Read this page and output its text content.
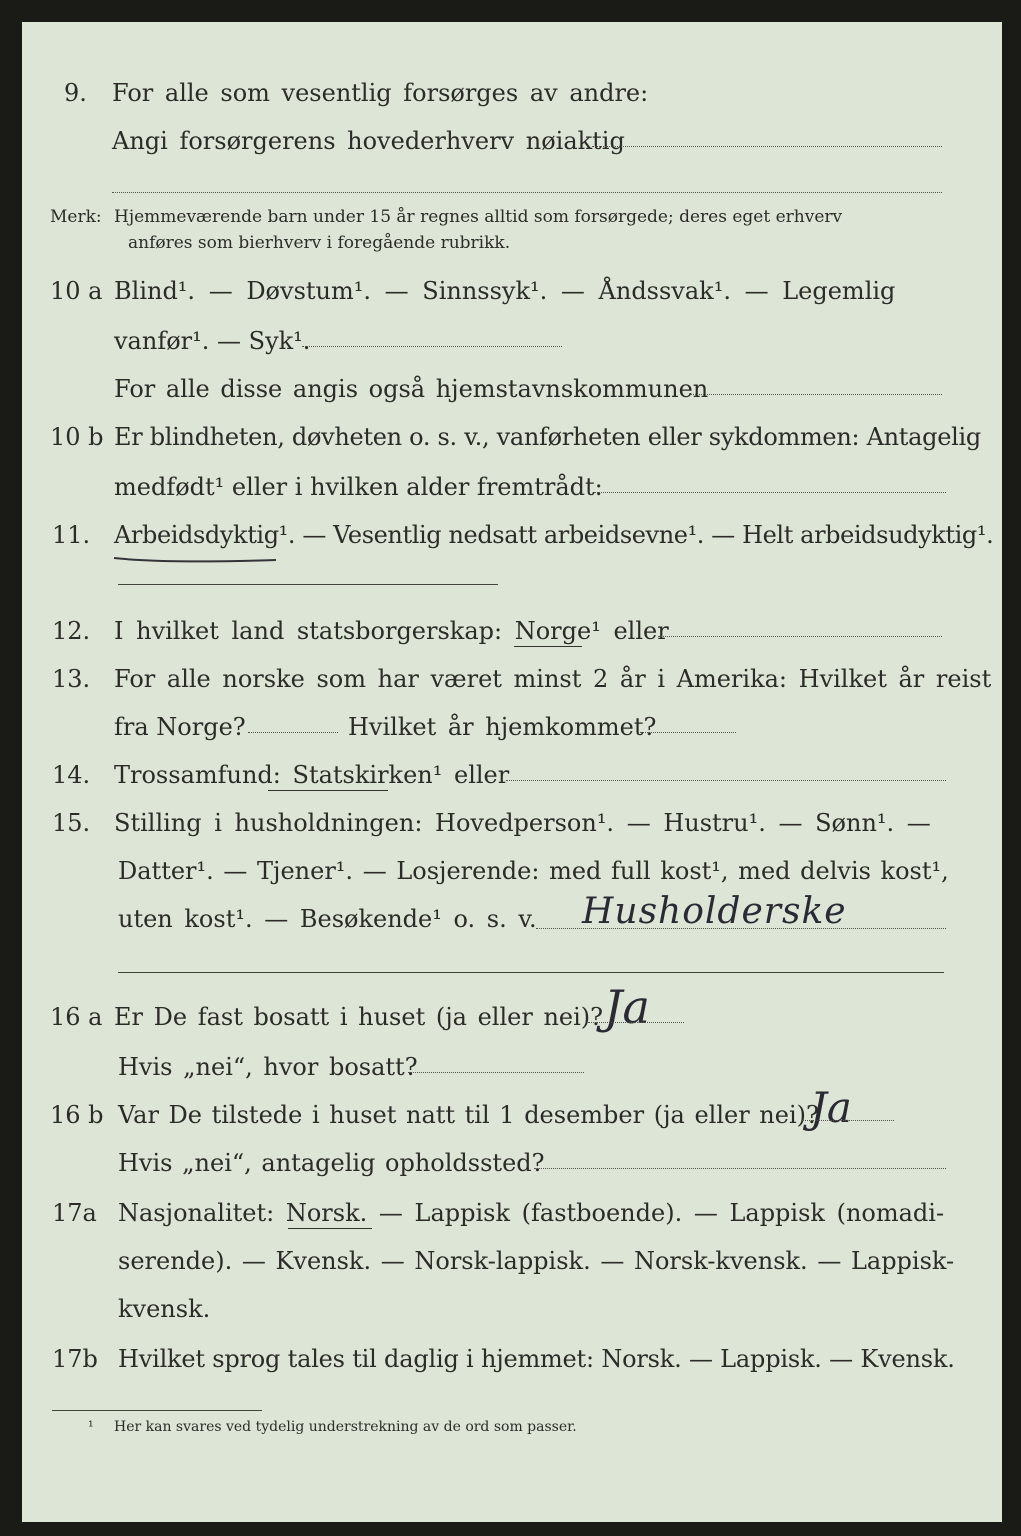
9. For alle som vesentlig forsørges av andre:
Angi forsørgerens hovederhverv nøiaktig
Merk: Hjemmeværende barn under 15 år regnes alltid som forsørgede; deres eget erhverv
anføres som bierhverv i foregående rubrikk.
10 a Blind¹. — Døvstum¹. — Sinnssyk¹. — Åndssvak¹. — Legemlig
vanfør¹. — Syk¹.
For alle disse angis også hjemstavnskommunen
10 b Er blindheten, døvheten o. s. v., vanførheten eller sykdommen: Antagelig
medfødt¹ eller i hvilken alder fremtrådt:
11. Arbeidsdyktig¹. — Vesentlig nedsatt arbeidsevne¹. — Helt arbeidsudyktig¹.
12. I hvilket land statsborgerskap: Norge¹ eller
13. For alle norske som har været minst 2 år i Amerika: Hvilket år reist
fra Norge?	Hvilket år hjemkommet?
14. Trossamfund: Statskirken¹ eller
15. Stilling i husholdningen: Hovedperson¹. — Hustru¹. — Sønn¹. —
Datter¹. — Tjener¹. — Losjerende: med full kost¹, med delvis kost¹,
uten kost¹. — Besøkende¹ o. s. v. Husholderske
16 a Er De fast bosatt i huset (ja eller nei)? Ja
Hvis „nei“, hvor bosatt?
16 b Var De tilstede i huset natt til 1 desember (ja eller nei)?
Ja
Hvis „nei“, antagelig opholdssted?
17a Nasjonalitet: Norsk. — Lappisk (fastboende). — Lappisk (nomadi-
serende). — Kvensk. — Norsk-lappisk. — Norsk-kvensk. — Lappisk-
kvensk.
17b Hvilket sprog tales til daglig i hjemmet: Norsk. — Lappisk. — Kvensk.
¹ Her kan svares ved tydelig understrekning av de ord som passer.
